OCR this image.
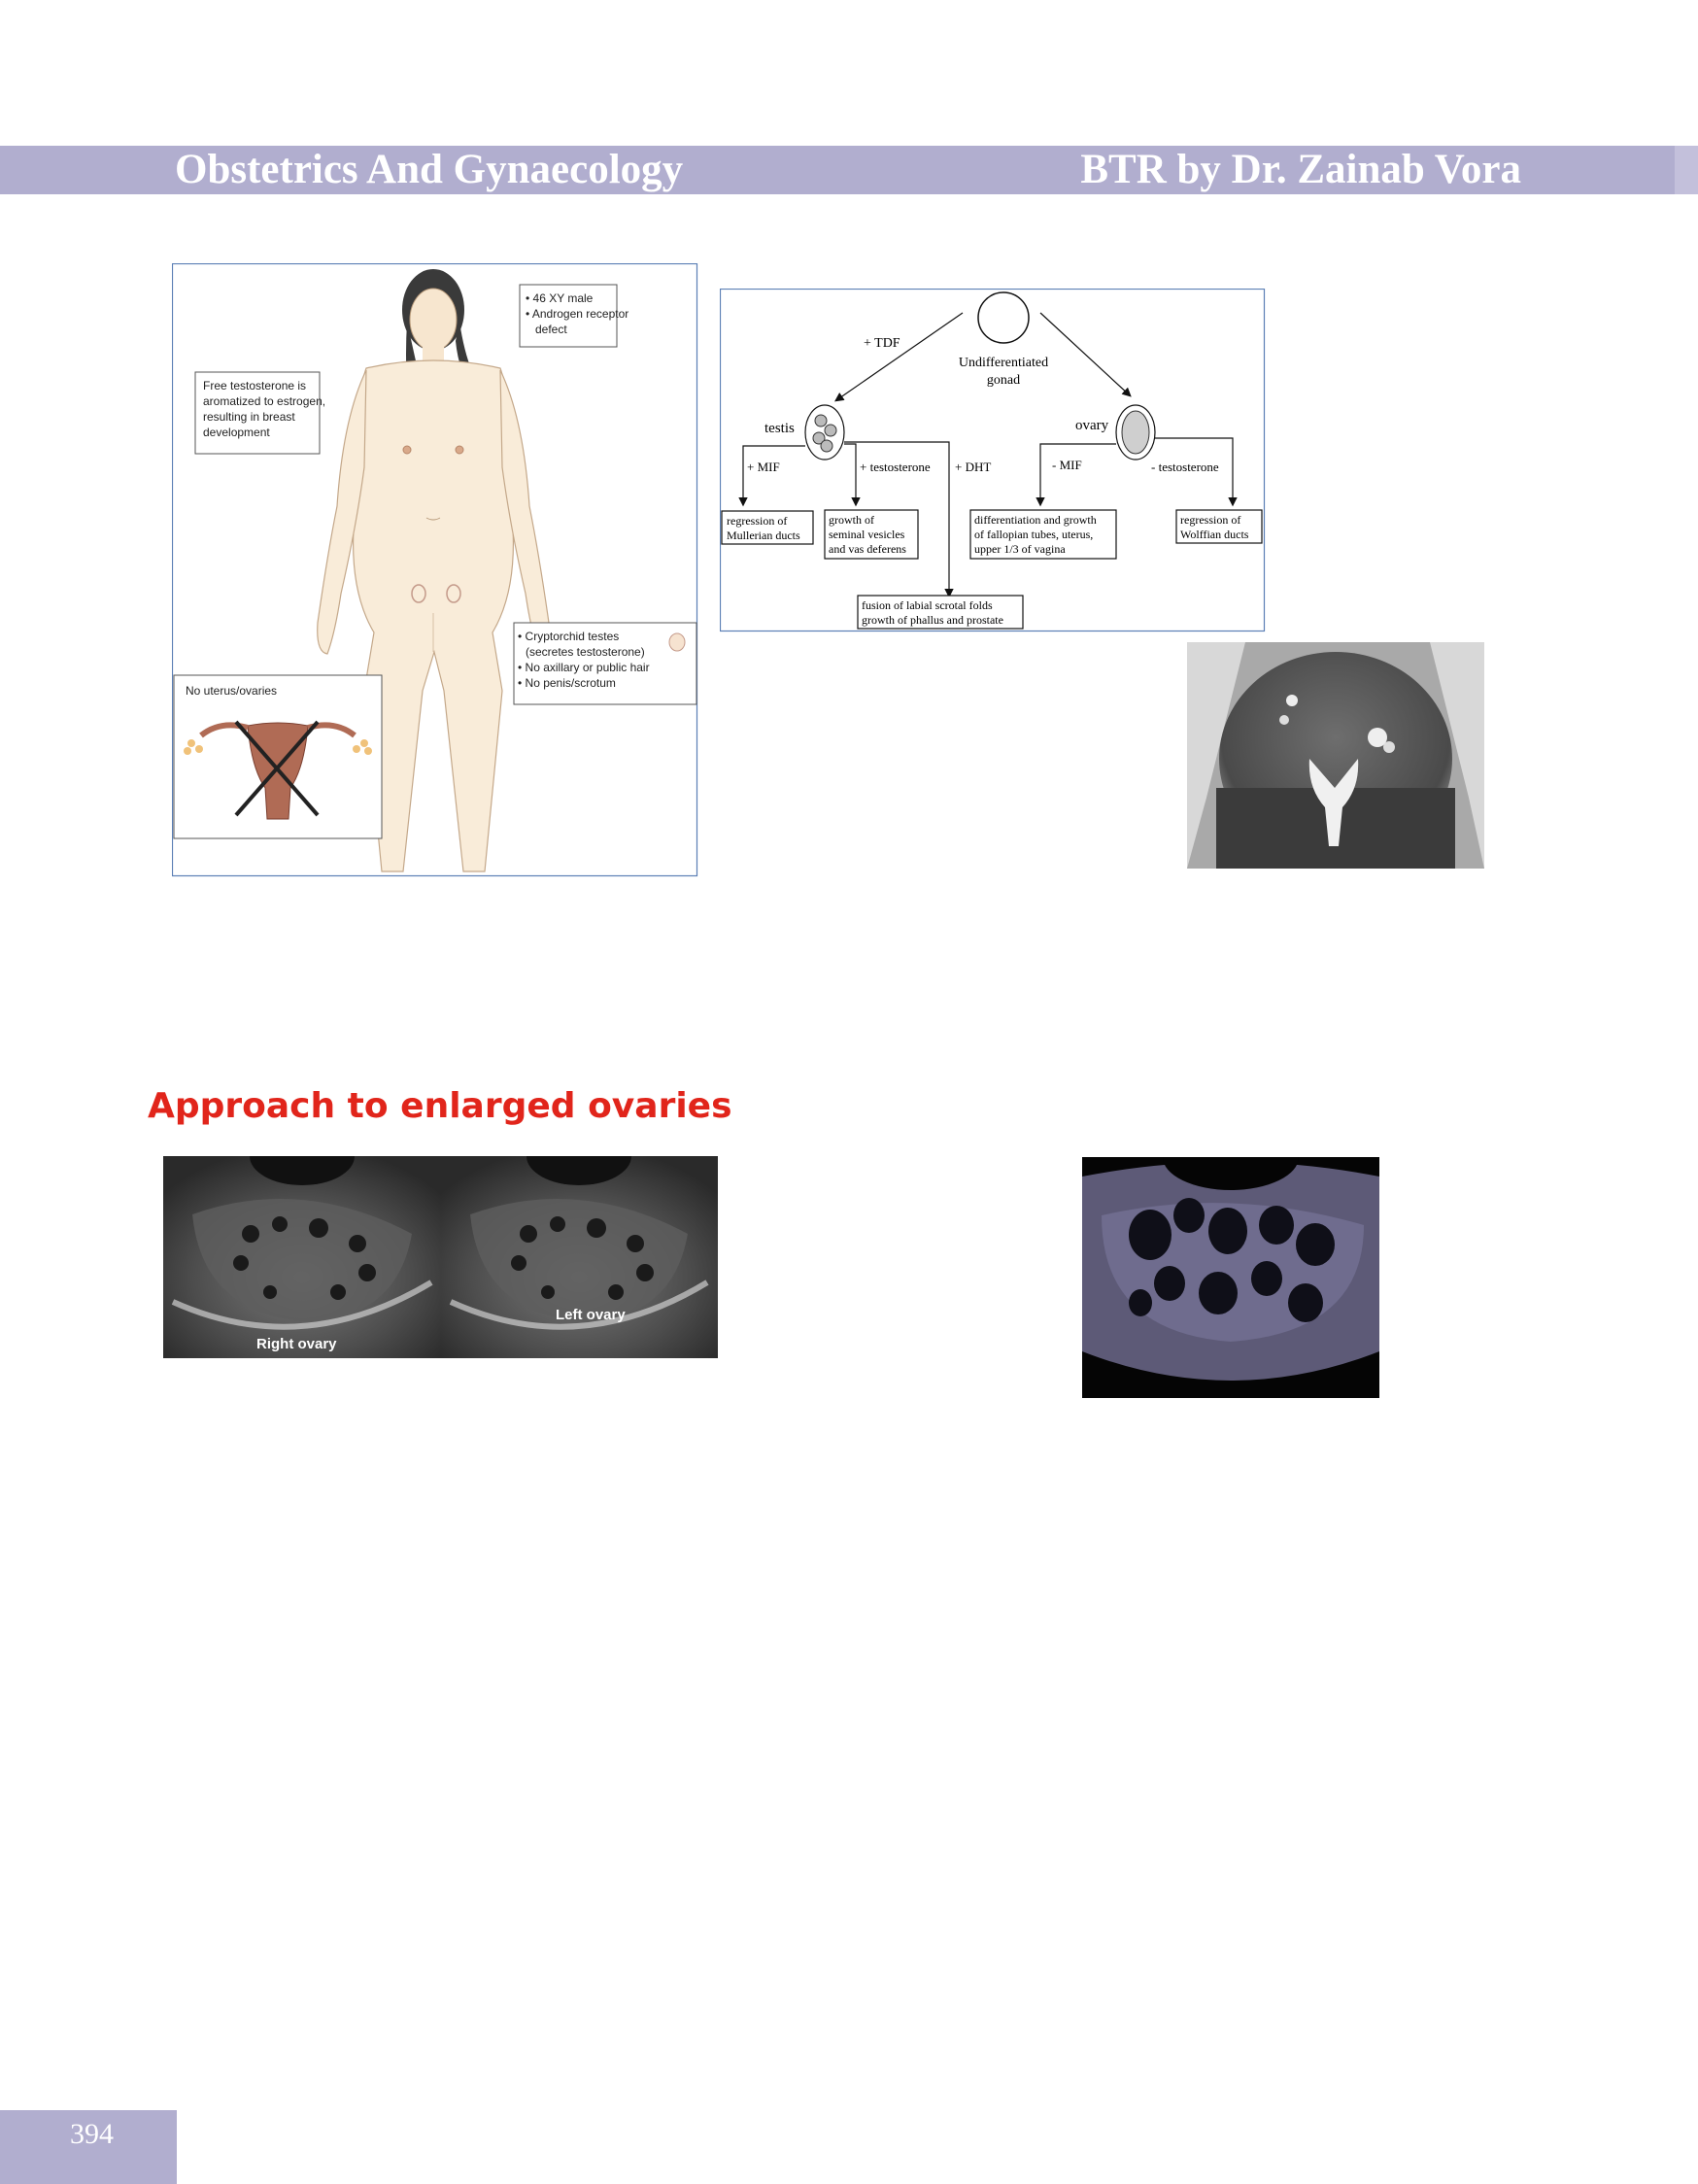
Obstetrics And Gynaecology	BTR by Dr. Zainab Vora
• 46 XY male
• Androgen receptor
defect
Free testosterone is
aromatized to estrogen,
resulting in breast
development
• Cryptorchid testes
(secretes testosterone)
• No axillary or public hair
• No penis/scrotum
No uterus/ovaries
Undifferentiated
gonad
+ TDF
testis	ovary
+ MIF	+ testosterone + DHT	- MIF	- testosterone
regression of
Mullerian ducts
growth of
seminal vesicles
and vas deferens
differentiation and growth
of fallopian tubes, uterus,
upper 1/3 of vagina
regression of
Wolffian ducts
fusion of labial scrotal folds
growth of phallus and prostate
Approach to enlarged ovaries
Right ovary
Left ovary
394
